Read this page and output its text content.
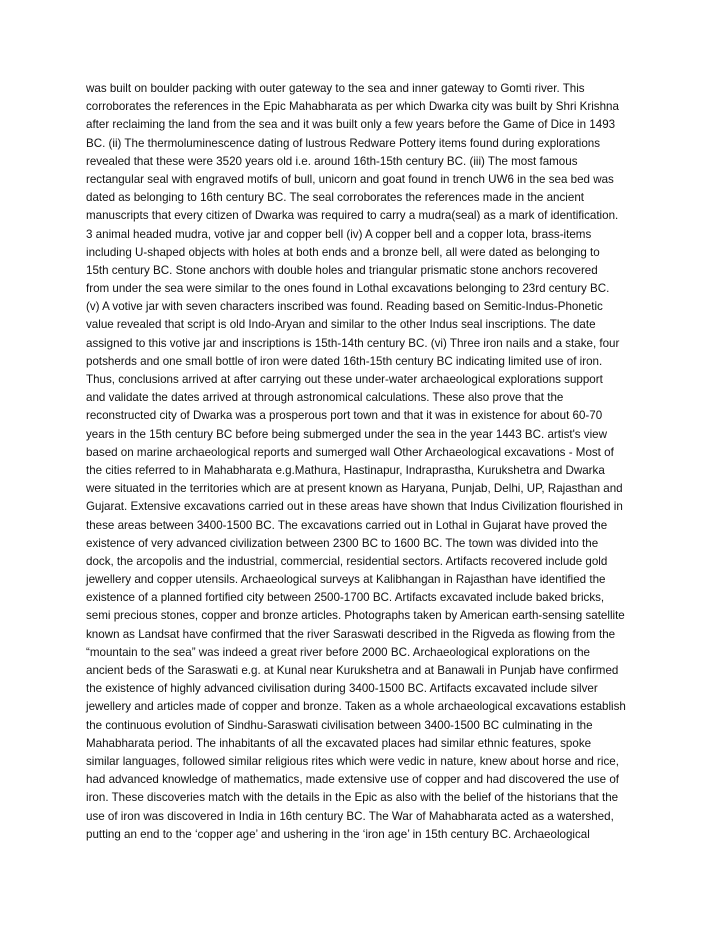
was built on boulder packing with outer gateway to the sea and inner gateway to Gomti river. This
corroborates the references in the Epic Mahabharata as per which Dwarka city was built by Shri Krishna
after reclaiming the land from the sea and it was built only a few years before the Game of Dice in 1493
BC. (ii) The thermoluminescence dating of lustrous Redware Pottery items found during explorations
revealed that these were 3520 years old i.e. around 16th-15th century BC. (iii) The most famous
rectangular seal with engraved motifs of bull, unicorn and goat found in trench UW6 in the sea bed was
dated as belonging to 16th century BC. The seal corroborates the references made in the ancient
manuscripts that every citizen of Dwarka was required to carry a mudra(seal) as a mark of identification.
3 animal headed mudra, votive jar and copper bell (iv) A copper bell and a copper lota, brass-items
including U-shaped objects with holes at both ends and a bronze bell, all were dated as belonging to
15th century BC. Stone anchors with double holes and triangular prismatic stone anchors recovered
from under the sea were similar to the ones found in Lothal excavations belonging to 23rd century BC.
(v) A votive jar with seven characters inscribed was found. Reading based on Semitic-Indus-Phonetic
value revealed that script is old Indo-Aryan and similar to the other Indus seal inscriptions. The date
assigned to this votive jar and inscriptions is 15th-14th century BC. (vi) Three iron nails and a stake, four
potsherds and one small bottle of iron were dated 16th-15th century BC indicating limited use of iron.
Thus, conclusions arrived at after carrying out these under-water archaeological explorations support
and validate the dates arrived at through astronomical calculations. These also prove that the
reconstructed city of Dwarka was a prosperous port town and that it was in existence for about 60-70
years in the 15th century BC before being submerged under the sea in the year 1443 BC. artist's view
based on marine archaeological reports and sumerged wall Other Archaeological excavations - Most of
the cities referred to in Mahabharata e.g.Mathura, Hastinapur, Indraprastha, Kurukshetra and Dwarka
were situated in the territories which are at present known as Haryana, Punjab, Delhi, UP, Rajasthan and
Gujarat. Extensive excavations carried out in these areas have shown that Indus Civilization flourished in
these areas between 3400-1500 BC. The excavations carried out in Lothal in Gujarat have proved the
existence of very advanced civilization between 2300 BC to 1600 BC. The town was divided into the
dock, the arcopolis and the industrial, commercial, residential sectors. Artifacts recovered include gold
jewellery and copper utensils. Archaeological surveys at Kalibhangan in Rajasthan have identified the
existence of a planned fortified city between 2500-1700 BC. Artifacts excavated include baked bricks,
semi precious stones, copper and bronze articles. Photographs taken by American earth-sensing satellite
known as Landsat have confirmed that the river Saraswati described in the Rigveda as flowing from the
“mountain to the sea” was indeed a great river before 2000 BC. Archaeological explorations on the
ancient beds of the Saraswati e.g. at Kunal near Kurukshetra and at Banawali in Punjab have confirmed
the existence of highly advanced civilisation during 3400-1500 BC. Artifacts excavated include silver
jewellery and articles made of copper and bronze. Taken as a whole archaeological excavations establish
the continuous evolution of Sindhu-Saraswati civilisation between 3400-1500 BC culminating in the
Mahabharata period. The inhabitants of all the excavated places had similar ethnic features, spoke
similar languages, followed similar religious rites which were vedic in nature, knew about horse and rice,
had advanced knowledge of mathematics, made extensive use of copper and had discovered the use of
iron. These discoveries match with the details in the Epic as also with the belief of the historians that the
use of iron was discovered in India in 16th century BC. The War of Mahabharata acted as a watershed,
putting an end to the ‘copper age’ and ushering in the ‘iron age’ in 15th century BC. Archaeological
